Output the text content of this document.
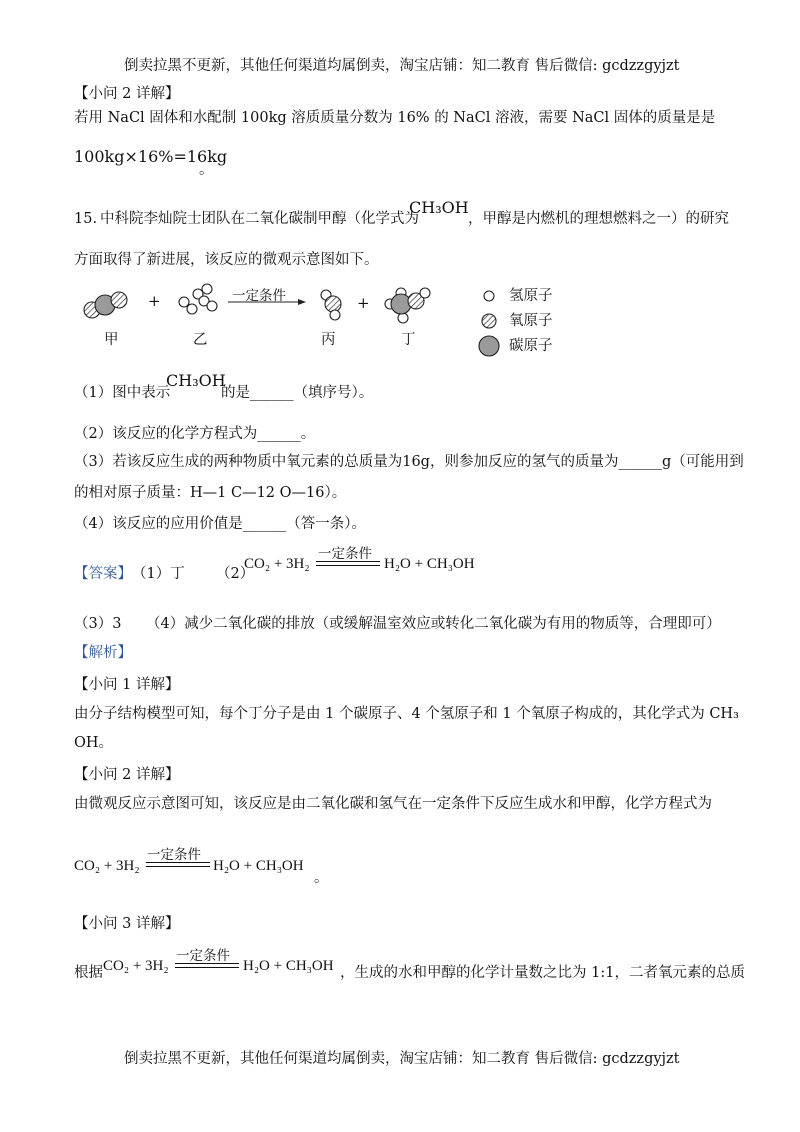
倒卖拉黑不更新，其他任何渠道均属倒卖，淘宝店铺：知二教育 售后微信: gcdzzgyjzt
【小问 2 详解】
若用 NaCl 固体和水配制 100kg 溶质质量分数为 16% 的 NaCl 溶液，需要 NaCl 固体的质量是是
100kg×16%=16kg
。
15. 中科院李灿院士团队在二氧化碳制甲醇（化学式为
CH₃OH
，甲醇是内燃机的理想燃料之一）的研究
方面取得了新进展，该反应的微观示意图如下。
+	+
一定条件
甲	乙	丙	丁
氢原子
氧原子
碳原子
（1）图中表示
CH₃OH
的是______（填序号）。
（2）该反应的化学方程式为______。
（3）若该反应生成的两种物质中氧元素的总质量为16g，则参加反应的氢气的质量为______g（可能用到
的相对原子质量：H—1 C—12 O—16）。
（4）该反应的应用价值是______（答一条）。
【答案】 （1）丁 （2）
CO₂ + 3H₂
一定条件
H₂O + CH₃OH
（3）3 （4）减少二氧化碳的排放（或缓解温室效应或转化二氧化碳为有用的物质等，合理即可）
【解析】
【小问 1 详解】
由分子结构模型可知，每个丁分子是由 1 个碳原子、4 个氢原子和 1 个氧原子构成的，其化学式为 CH₃
OH。
【小问 2 详解】
由微观反应示意图可知，该反应是由二氧化碳和氢气在一定条件下反应生成水和甲醇，化学方程式为
CO₂ + 3H₂
一定条件
H₂O + CH₃OH
。
【小问 3 详解】
根据 CO₂ + 3H₂
一定条件
H₂O + CH₃OH ，生成的水和甲醇的化学计量数之比为 1:1，二者氧元素的总质
倒卖拉黑不更新，其他任何渠道均属倒卖，淘宝店铺：知二教育 售后微信: gcdzzgyjzt
